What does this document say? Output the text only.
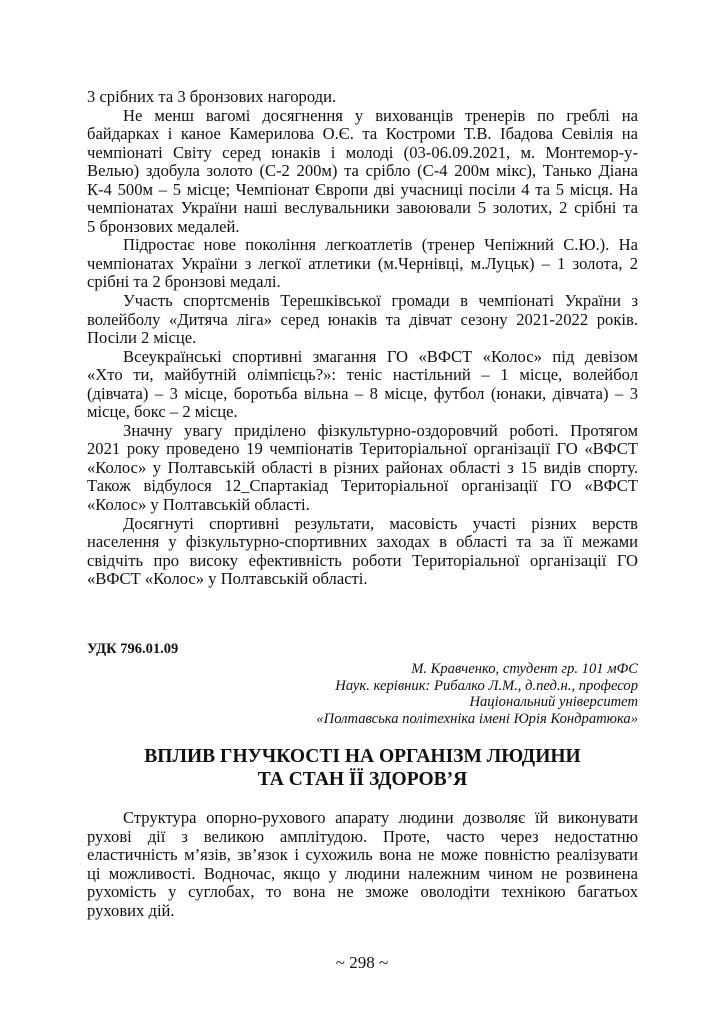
3 срібних та 3 бронзових нагороди.
Не менш вагомі досягнення у вихованців тренерів по греблі на
байдарках і каное Камерилова О.Є. та Костроми Т.В. Ібадова Севілія на
чемпіонаті Світу серед юнаків і молоді (03-06.09.2021, м. Монтемор-у-
Велью) здобула золото (С-2 200м) та срібло (С-4 200м мікс), Танько Діана
К-4 500м – 5 місце; Чемпіонат Європи дві учасниці посіли 4 та 5 місця. На
чемпіонатах України наші веслувальники завоювали 5 золотих, 2 срібні та
5 бронзових медалей.
Підростає нове покоління легкоатлетів (тренер Чепіжний С.Ю.). На
чемпіонатах України з легкої атлетики (м.Чернівці, м.Луцьк) – 1 золота, 2
срібні та 2 бронзові медалі.
Участь спортсменів Терешківської громади в чемпіонаті України з
волейболу «Дитяча ліга» серед юнаків та дівчат сезону 2021-2022 років.
Посіли 2 місце.
Всеукраїнські спортивні змагання ГО «ВФСТ «Колос» під девізом
«Хто ти, майбутній олімпієць?»: теніс настільний – 1 місце, волейбол
(дівчата) – 3 місце, боротьба вільна – 8 місце, футбол (юнаки, дівчата) – 3
місце, бокс – 2 місце.
Значну увагу приділено фізкультурно-оздоровчий роботі. Протягом
2021 року проведено 19 чемпіонатів Територіальної організації ГО «ВФСТ
«Колос» у Полтавській області в різних районах області з 15 видів спорту.
Також відбулося 12_Спартакіад Територіальної організації ГО «ВФСТ
«Колос» у Полтавській області.
Досягнуті спортивні результати, масовість участі різних верств
населення у фізкультурно-спортивних заходах в області та за її межами
свідчіть про високу ефективність роботи Територіальної організації ГО
«ВФСТ «Колос» у Полтавській області.
УДК 796.01.09
М. Кравченко, студент гр. 101 мФС
Наук. керівник: Рибалко Л.М., д.пед.н., професор
Національний університет
«Полтавська політехніка імені Юрія Кондратюка»
ВПЛИВ ГНУЧКОСТІ НА ОРГАНІЗМ ЛЮДИНИ
ТА СТАН ЇЇ ЗДОРОВ’Я
Структура опорно-рухового апарату людини дозволяє їй виконувати
рухові дії з великою амплітудою. Проте, часто через недостатню
еластичність м’язів, зв’язок і сухожиль вона не може повністю реалізувати
ці можливості. Водночас, якщо у людини належним чином не розвинена
рухомість у суглобах, то вона не зможе оволодіти технікою багатьох
рухових дій.
~ 298 ~
